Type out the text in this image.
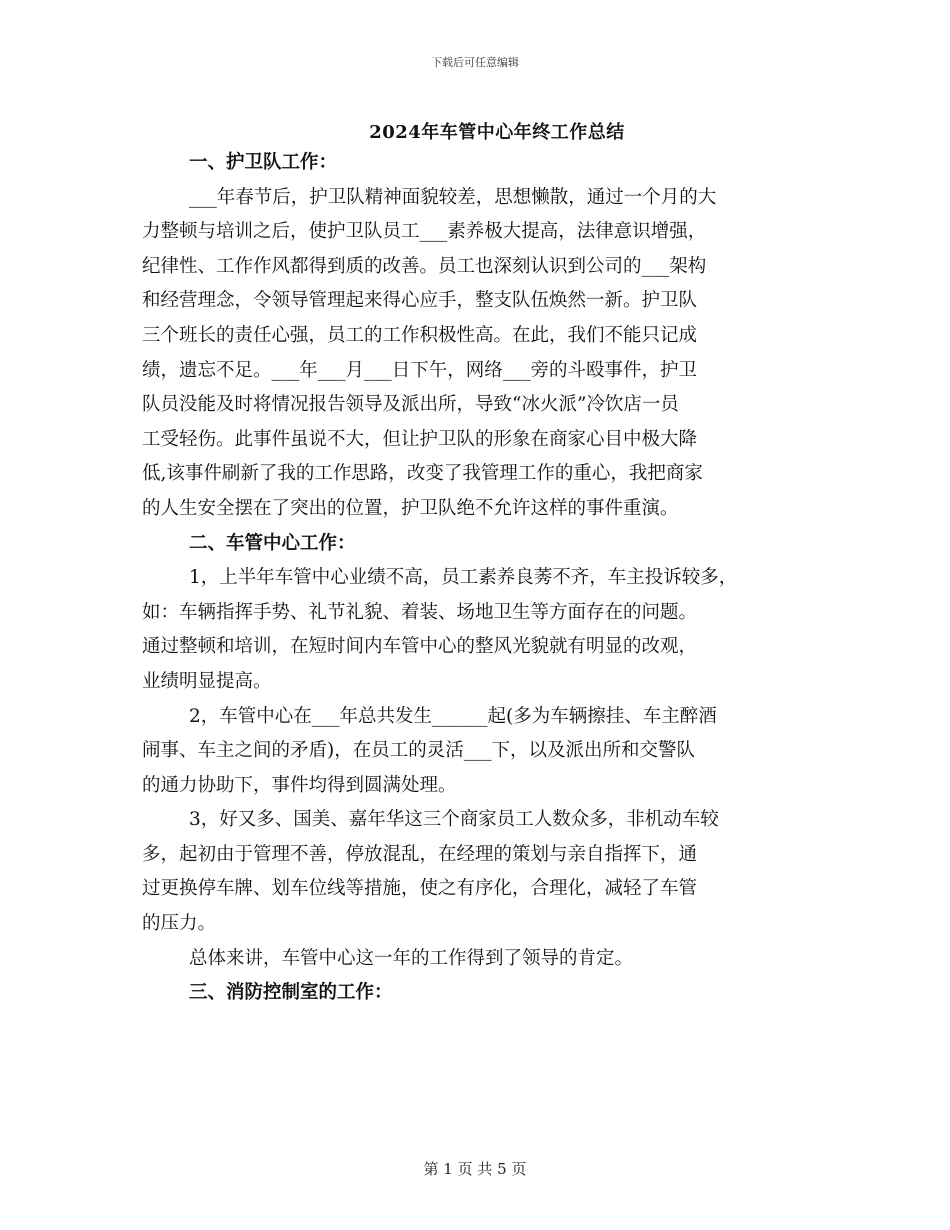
下载后可任意编辑
2024年车管中心年终工作总结
一、护卫队工作：
___年春节后，护卫队精神面貌较差，思想懒散，通过一个月的大
力整顿与培训之后，使护卫队员工___素养极大提高，法律意识增强，
纪律性、工作作风都得到质的改善。员工也深刻认识到公司的___架构
和经营理念，令领导管理起来得心应手，整支队伍焕然一新。护卫队
三个班长的责任心强，员工的工作积极性高。在此，我们不能只记成
绩，遗忘不足。___年___月___日下午，网络___旁的斗殴事件，护卫
队员没能及时将情况报告领导及派出所，导致“冰火派”冷饮店一员
工受轻伤。此事件虽说不大，但让护卫队的形象在商家心目中极大降
低,该事件刷新了我的工作思路，改变了我管理工作的重心，我把商家
的人生安全摆在了突出的位置，护卫队绝不允许这样的事件重演。
二、车管中心工作：
1，上半年车管中心业绩不高，员工素养良莠不齐，车主投诉较多，
如：车辆指挥手势、礼节礼貌、着装、场地卫生等方面存在的问题。
通过整顿和培训，在短时间内车管中心的整风光貌就有明显的改观，
业绩明显提高。
2，车管中心在___年总共发生______起(多为车辆擦挂、车主醉酒
闹事、车主之间的矛盾)，在员工的灵活___下，以及派出所和交警队
的通力协助下，事件均得到圆满处理。
3，好又多、国美、嘉年华这三个商家员工人数众多，非机动车较
多，起初由于管理不善，停放混乱，在经理的策划与亲自指挥下，通
过更换停车牌、划车位线等措施，使之有序化，合理化，减轻了车管
的压力。
总体来讲，车管中心这一年的工作得到了领导的肯定。
三、消防控制室的工作：
第 1 页 共 5 页
